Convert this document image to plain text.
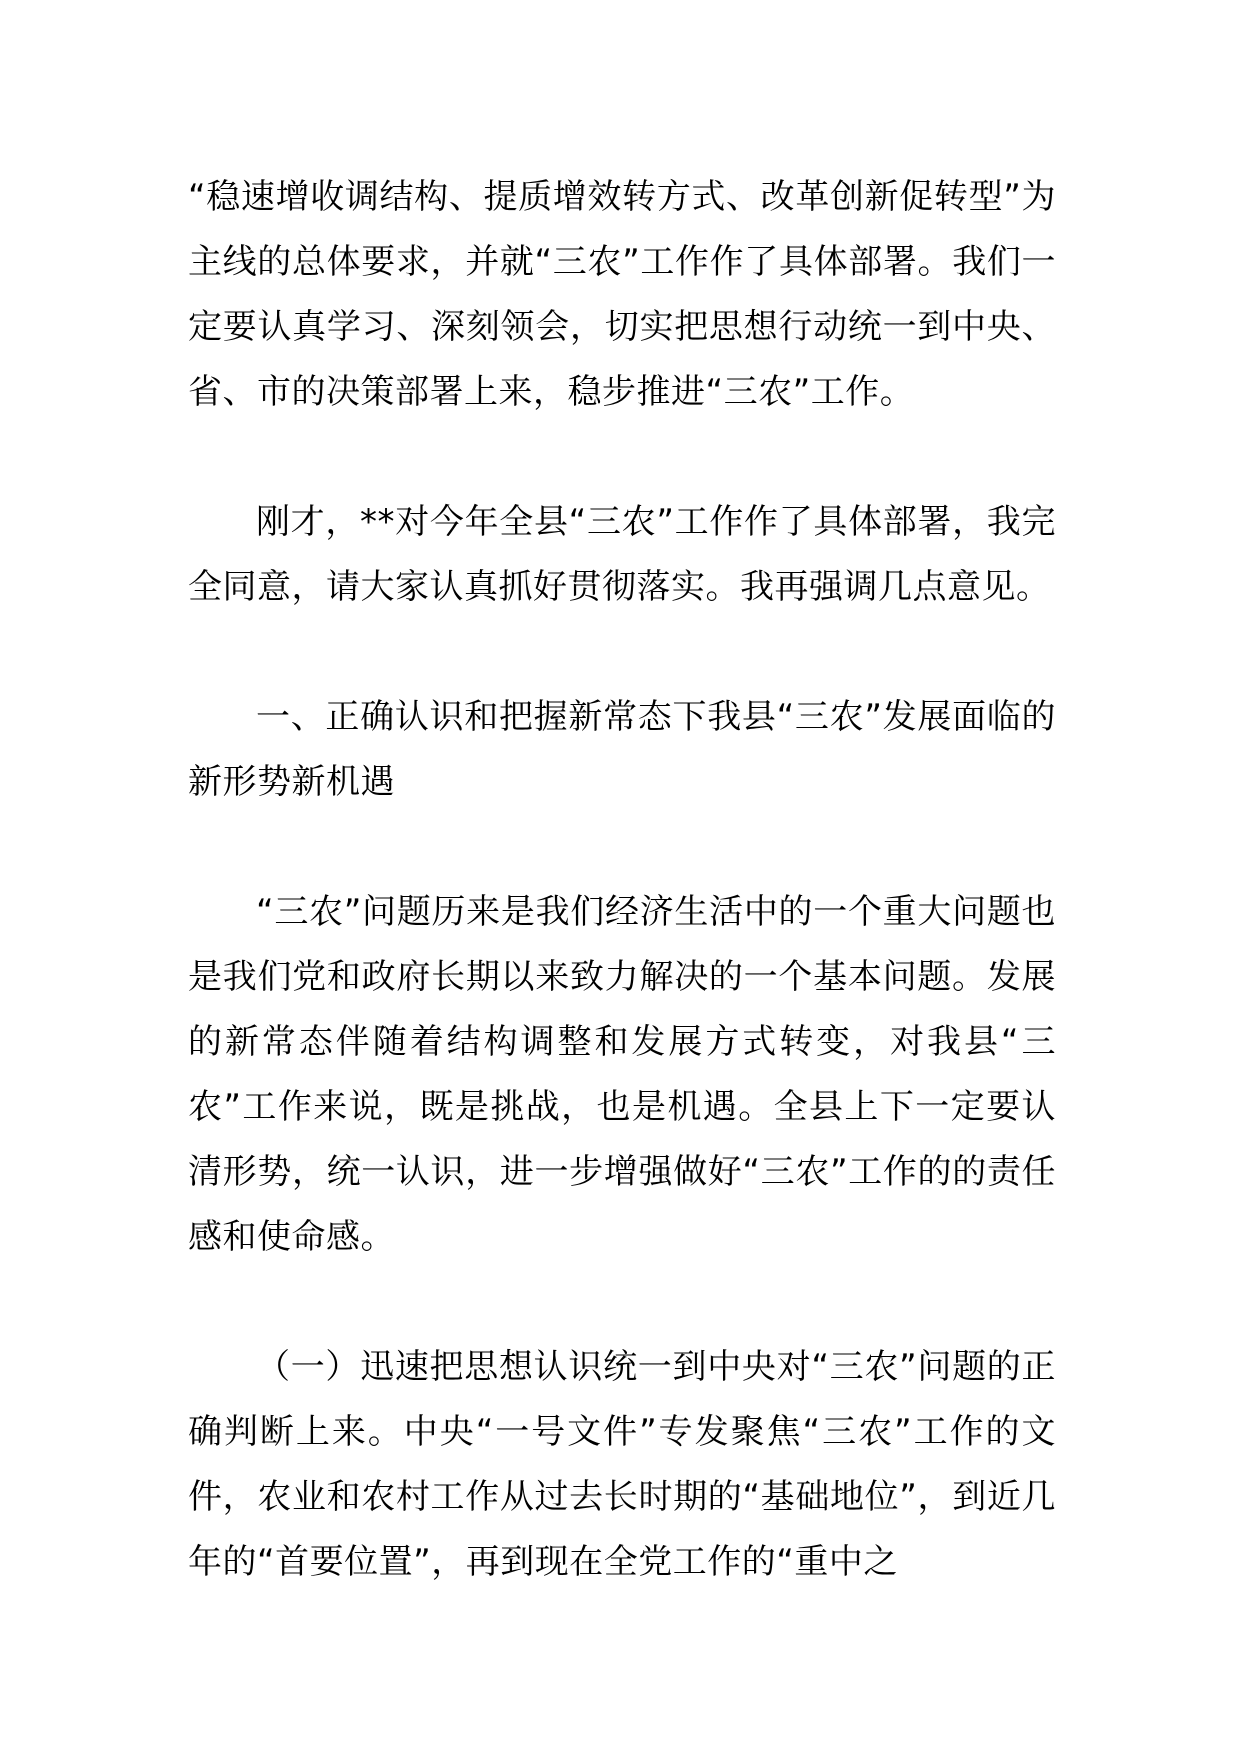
“稳速增收调结构、提质增效转方式、改革创新促转型”为主线的总体要求，并就“三农”工作作了具体部署。我们一定要认真学习、深刻领会，切实把思想行动统一到中央、省、市的决策部署上来，稳步推进“三农”工作。

刚才，**对今年全县“三农”工作作了具体部署，我完全同意，请大家认真抓好贯彻落实。我再强调几点意见。

一、正确认识和把握新常态下我县“三农”发展面临的新形势新机遇

“三农”问题历来是我们经济生活中的一个重大问题也是我们党和政府长期以来致力解决的一个基本问题。发展的新常态伴随着结构调整和发展方式转变，对我县“三农”工作来说，既是挑战，也是机遇。全县上下一定要认清形势，统一认识，进一步增强做好“三农”工作的的责任感和使命感。

（一）迅速把思想认识统一到中央对“三农”问题的正确判断上来。中央“一号文件”专发聚焦“三农”工作的文件，农业和农村工作从过去长时期的“基础地位”，到近几年的“首要位置”，再到现在全党工作的“重中之
